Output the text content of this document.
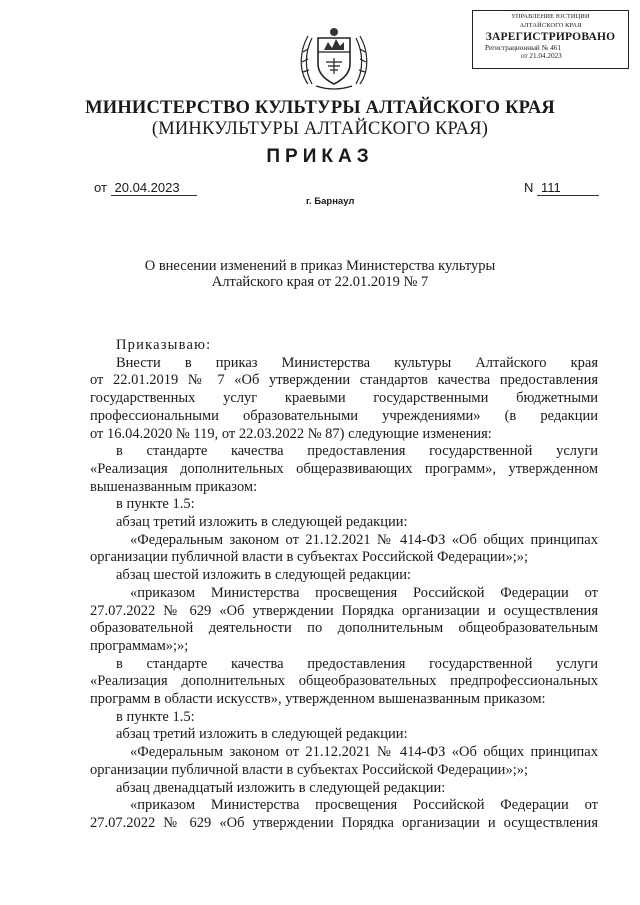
УПРАВЛЕНИЕ ЮСТИЦИИ
АЛТАЙСКОГО КРАЯ
ЗАРЕГИСТРИРОВАНО
Регистрационный № 461
от 21.04.2023
МИНИСТЕРСТВО КУЛЬТУРЫ АЛТАЙСКОГО КРАЯ
(МИНКУЛЬТУРЫ АЛТАЙСКОГО КРАЯ)
ПРИКАЗ
от 20.04.2023	N 111
г. Барнаул
О внесении изменений в приказ Министерства культуры
Алтайского края от 22.01.2019 № 7

Приказываю:

Внести в приказ Министерства культуры Алтайского края

от 22.01.2019 № 7 «Об утверждении стандартов качества предоставления

государственных услуг краевыми государственными бюджетными

профессиональными образовательными учреждениями» (в редакции

от 16.04.2020 № 119, от 22.03.2022 № 87) следующие изменения:

в стандарте качества предоставления государственной услуги

«Реализация дополнительных общеразвивающих программ», утвержденном

вышеназванным приказом:

в пункте 1.5:

абзац третий изложить в следующей редакции:

«Федеральным законом от 21.12.2021 № 414-ФЗ «Об общих принципах

организации публичной власти в субъектах Российской Федерации»;»;

абзац шестой изложить в следующей редакции:

«приказом Министерства просвещения Российской Федерации от

27.07.2022 № 629 «Об утверждении Порядка организации и осуществления

образовательной деятельности по дополнительным общеобразовательным

программам»;»;

в стандарте качества предоставления государственной услуги

«Реализация дополнительных общеобразовательных предпрофессиональных

программ в области искусств», утвержденном вышеназванным приказом:

в пункте 1.5:

абзац третий изложить в следующей редакции:

«Федеральным законом от 21.12.2021 № 414-ФЗ «Об общих принципах

организации публичной власти в субъектах Российской Федерации»;»;

абзац двенадцатый изложить в следующей редакции:

«приказом Министерства просвещения Российской Федерации от

27.07.2022 № 629 «Об утверждении Порядка организации и осуществления
